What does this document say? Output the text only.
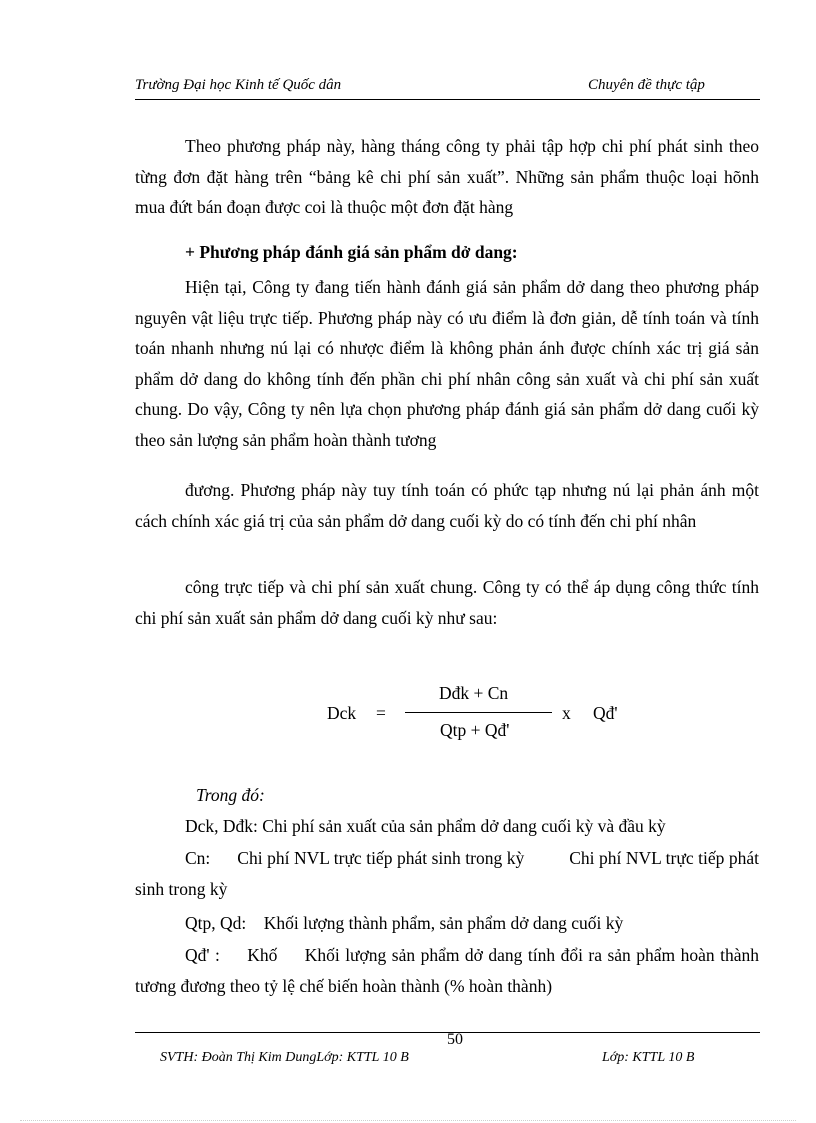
Trường Đại học Kinh tế Quốc dân	Chuyên đề thực tập

Theo phương pháp này, hàng tháng công ty phải tập hợp chi phí phát sinh theo từng đơn đặt hàng trên “bảng kê chi phí sản xuất”. Những sản phẩm thuộc loại hõnh mua đứt bán đoạn được coi là thuộc một đơn đặt hàng

+ Phương pháp đánh giá sản phẩm dở dang:

Hiện tại, Công ty đang tiến hành đánh giá sản phẩm dở dang theo phương pháp nguyên vật liệu trực tiếp. Phương pháp này có ưu điểm là đơn giản, dễ tính toán và tính toán nhanh nhưng nú lại có nhược điểm là không phản ánh được chính xác trị giá sản phẩm dở dang do không tính đến phần chi phí nhân công sản xuất và chi phí sản xuất chung. Do vậy, Công ty nên lựa chọn phương pháp đánh giá sản phẩm dở dang cuối kỳ theo sản lượng sản phẩm hoàn thành tương

đương. Phương pháp này tuy tính toán có phức tạp nhưng nú lại phản ánh một cách chính xác giá trị của sản phẩm dở dang cuối kỳ do có tính đến chi phí nhân

công trực tiếp và chi phí sản xuất chung. Công ty có thể áp dụng công thức tính chi phí sản xuất sản phẩm dở dang cuối kỳ như sau:

Dck =
Dđk + Cn
Qtp + Qđ'
x Qđ'
Trong đó:

Dck, Dđk: Chi phí sản xuất của sản phẩm dở dang cuối kỳ và đầu kỳ

Cn:      Chi phí NVL trực tiếp phát sinh trong kỳ          Chi phí NVL trực tiếp phát sinh trong kỳ

Qtp, Qd:    Khối lượng thành phẩm, sản phẩm dở dang cuối kỳ

Qđ' :     Khố     Khối lượng sản phẩm dở dang tính đổi ra sản phẩm hoàn thành tương đương theo tỷ lệ chế biến hoàn thành (% hoàn thành)

50
SVTH: Đoàn Thị Kim DungLớp: KTTL 10 B	Lớp: KTTL 10 B
